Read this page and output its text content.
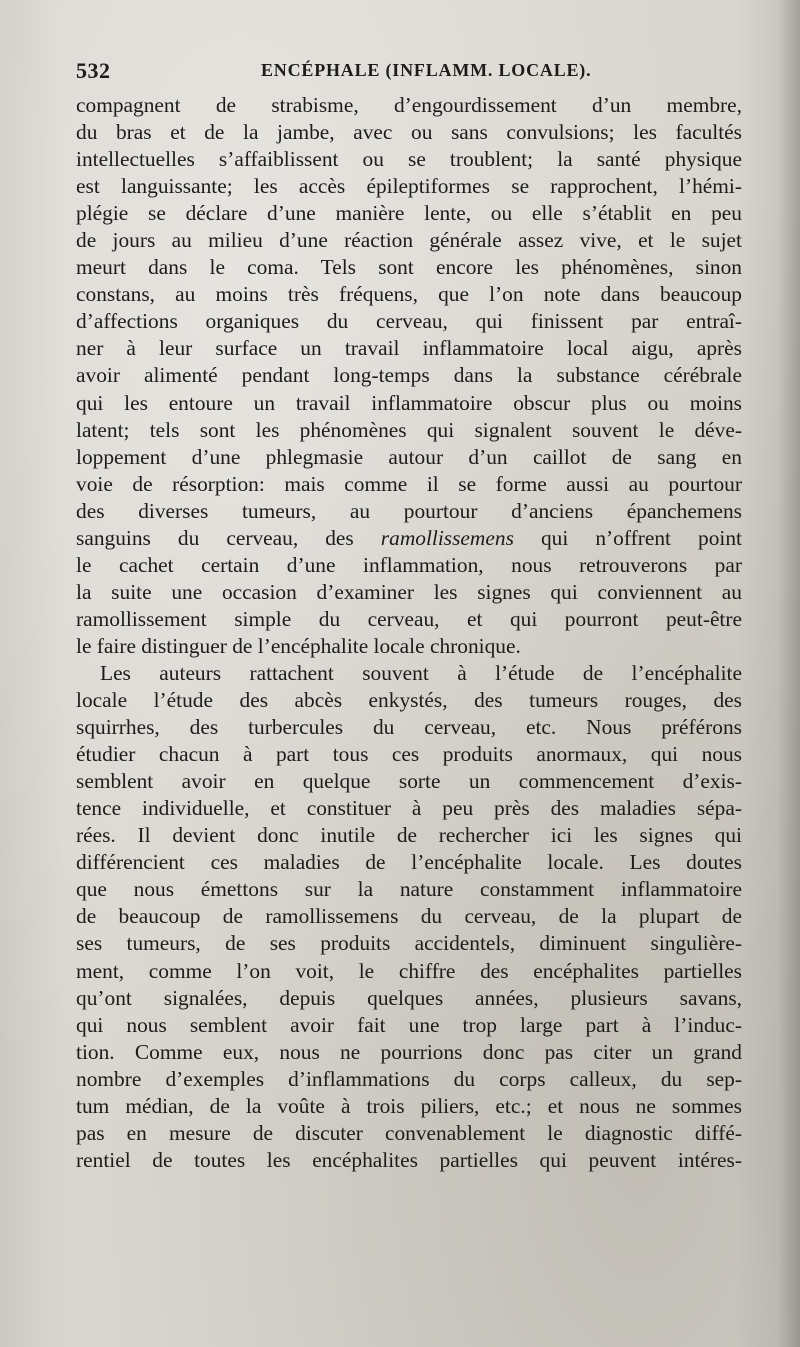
532	ENCÉPHALE (INFLAMM. LOCALE).
compagnent de strabisme, d’engourdissement d’un membre,
du bras et de la jambe, avec ou sans convulsions; les facultés
intellectuelles s’affaiblissent ou se troublent; la santé physique
est languissante; les accès épileptiformes se rapprochent, l’hémi-
plégie se déclare d’une manière lente, ou elle s’établit en peu
de jours au milieu d’une réaction générale assez vive, et le sujet
meurt dans le coma. Tels sont encore les phénomènes, sinon
constans, au moins très fréquens, que l’on note dans beaucoup
d’affections organiques du cerveau, qui finissent par entraî-
ner à leur surface un travail inflammatoire local aigu, après
avoir alimenté pendant long-temps dans la substance cérébrale
qui les entoure un travail inflammatoire obscur plus ou moins
latent; tels sont les phénomènes qui signalent souvent le déve-
loppement d’une phlegmasie autour d’un caillot de sang en
voie de résorption: mais comme il se forme aussi au pourtour
des diverses tumeurs, au pourtour d’anciens épanchemens
sanguins du cerveau, des ramollissemens qui n’offrent point
le cachet certain d’une inflammation, nous retrouverons par
la suite une occasion d’examiner les signes qui conviennent au
ramollissement simple du cerveau, et qui pourront peut-être
le faire distinguer de l’encéphalite locale chronique.
Les auteurs rattachent souvent à l’étude de l’encéphalite
locale l’étude des abcès enkystés, des tumeurs rouges, des
squirrhes, des turbercules du cerveau, etc. Nous préférons
étudier chacun à part tous ces produits anormaux, qui nous
semblent avoir en quelque sorte un commencement d’exis-
tence individuelle, et constituer à peu près des maladies sépa-
rées. Il devient donc inutile de rechercher ici les signes qui
différencient ces maladies de l’encéphalite locale. Les doutes
que nous émettons sur la nature constamment inflammatoire
de beaucoup de ramollissemens du cerveau, de la plupart de
ses tumeurs, de ses produits accidentels, diminuent singulière-
ment, comme l’on voit, le chiffre des encéphalites partielles
qu’ont signalées, depuis quelques années, plusieurs savans,
qui nous semblent avoir fait une trop large part à l’induc-
tion. Comme eux, nous ne pourrions donc pas citer un grand
nombre d’exemples d’inflammations du corps calleux, du sep-
tum médian, de la voûte à trois piliers, etc.; et nous ne sommes
pas en mesure de discuter convenablement le diagnostic diffé-
rentiel de toutes les encéphalites partielles qui peuvent intéres-
